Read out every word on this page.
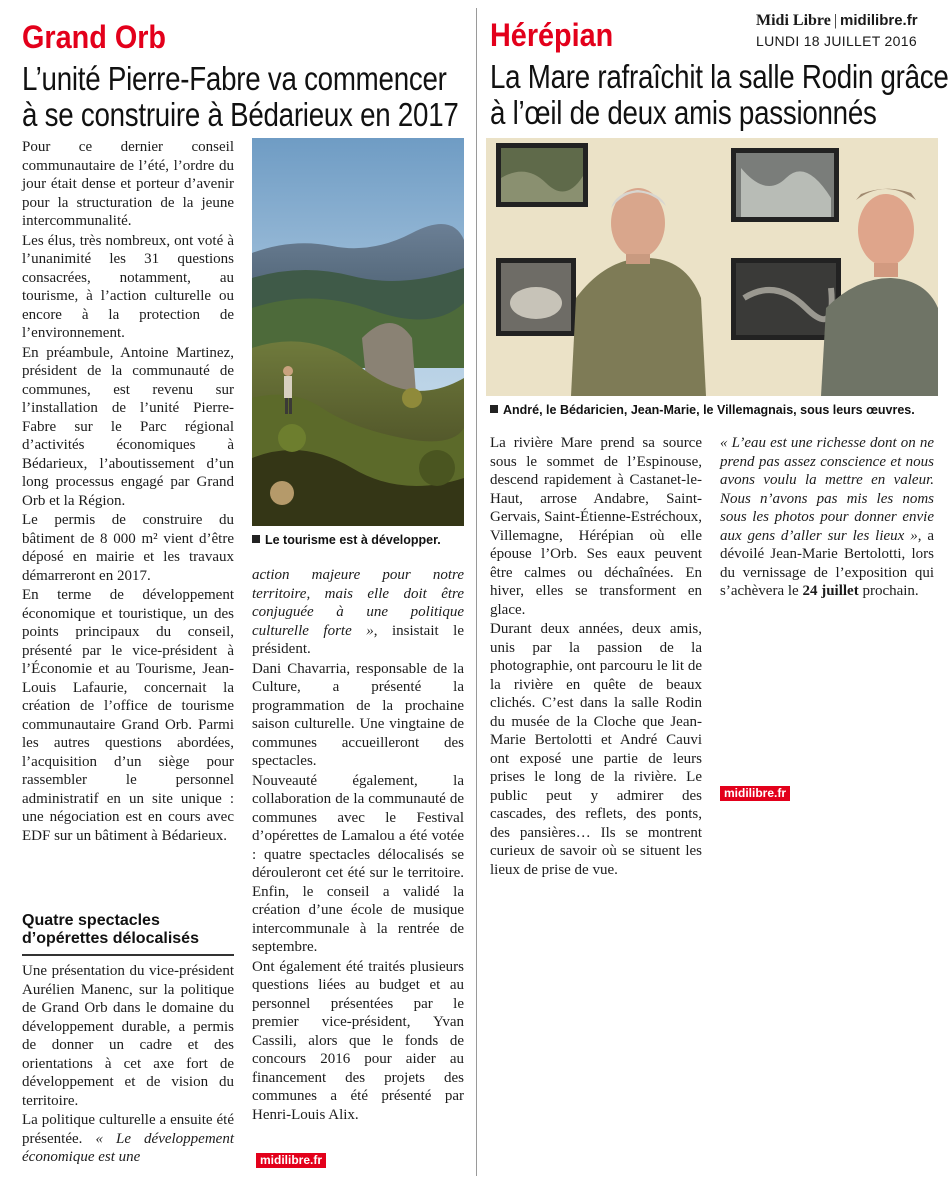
Grand Orb
L’unité Pierre-Fabre va commencer
à se construire à Bédarieux en 2017

Pour ce dernier conseil communautaire de l’été, l’ordre du jour était dense et porteur d’avenir pour la structuration de la jeune intercommunalité.

Les élus, très nombreux, ont voté à l’unanimité les 31 questions consacrées, notamment, au tourisme, à l’action culturelle ou encore à la protection de l’environnement.

En préambule, Antoine Martinez, président de la communauté de communes, est revenu sur l’installation de l’unité Pierre-Fabre sur le Parc régional d’activités économiques à Bédarieux, l’aboutissement d’un long processus engagé par Grand Orb et la Région.

Le permis de construire du bâtiment de 8 000 m² vient d’être déposé en mairie et les travaux démarreront en 2017.

En terme de développement économique et touristique, un des points principaux du conseil, présenté par le vice-président à l’Économie et au Tourisme, Jean-Louis Lafaurie, concernait la création de l’office de tourisme communautaire Grand Orb. Parmi les autres questions abordées, l’acquisition d’un siège pour rassembler le personnel administratif en un site unique : une négociation est en cours avec EDF sur un bâtiment à Bédarieux.

Quatre spectacles
d’opérettes délocalisés

Une présentation du vice-président Aurélien Manenc, sur la politique de Grand Orb dans le domaine du développement durable, a permis de donner un cadre et des orientations à cet axe fort de développement et de vision du territoire.

La politique culturelle a ensuite été présentée. « Le développement économique est une

Le tourisme est à développer.

action majeure pour notre territoire, mais elle doit être conjuguée à une politique culturelle forte », insistait le président.

Dani Chavarria, responsable de la Culture, a présenté la programmation de la prochaine saison culturelle. Une vingtaine de communes accueilleront des spectacles.

Nouveauté également, la collaboration de la communauté de communes avec le Festival d’opérettes de Lamalou a été votée : quatre spectacles délocalisés se dérouleront cet été sur le territoire. Enfin, le conseil a validé la création d’une école de musique intercommunale à la rentrée de septembre.

Ont également été traités plusieurs questions liées au budget et au personnel présentées par le premier vice-président, Yvan Cassili, alors que le fonds de concours 2016 pour aider au financement des projets des communes a été présenté par Henri-Louis Alix.

midilibre.fr
Hérépian	Midi Libre | midilibre.fr
LUNDI 18 JUILLET 2016
La Mare rafraîchit la salle Rodin grâce
à l’œil de deux amis passionnés
André, le Bédaricien, Jean-Marie, le Villemagnais, sous leurs œuvres.

La rivière Mare prend sa source sous le sommet de l’Espinouse, descend rapidement à Castanet-le-Haut, arrose Andabre, Saint-Gervais, Saint-Étienne-Estréchoux, Villemagne, Hérépian où elle épouse l’Orb. Ses eaux peuvent être calmes ou déchaînées. En hiver, elles se transforment en glace.

Durant deux années, deux amis, unis par la passion de la photographie, ont parcouru le lit de la rivière en quête de beaux clichés. C’est dans la salle Rodin du musée de la Cloche que Jean-Marie Bertolotti et André Cauvi ont exposé une partie de leurs prises le long de la rivière. Le public peut y admirer des cascades, des reflets, des ponts, des pansières… Ils se montrent curieux de savoir où se situent les lieux de prise de vue.

« L’eau est une richesse dont on ne prend pas assez conscience et nous avons voulu la mettre en valeur. Nous n’avons pas mis les noms sous les photos pour donner envie aux gens d’aller sur les lieux », a dévoilé Jean-Marie Bertolotti, lors du vernissage de l’exposition qui s’achèvera le 24 juillet prochain.

midilibre.fr
